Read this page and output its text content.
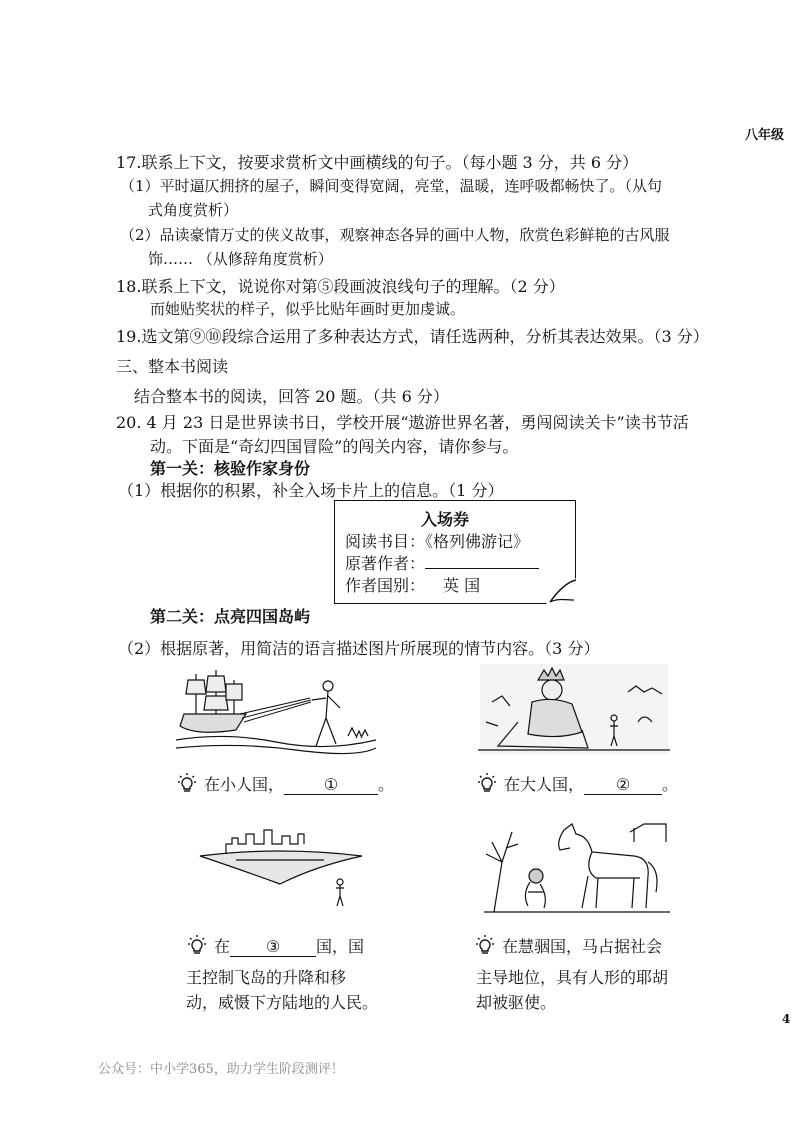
八年级
17.联系上下文，按要求赏析文中画横线的句子。（每小题 3 分，共 6 分）
（1）平时逼仄拥挤的屋子，瞬间变得宽阔，亮堂，温暖，连呼吸都畅快了。（从句
式角度赏析）
（2）品读豪情万丈的侠义故事，观察神态各异的画中人物，欣赏色彩鲜艳的古风服
饰…… （从修辞角度赏析）
18.联系上下文，说说你对第⑤段画波浪线句子的理解。（2 分）
而她贴奖状的样子，似乎比贴年画时更加虔诚。
19.选文第⑨⑩段综合运用了多种表达方式，请任选两种，分析其表达效果。（3 分）
三、整本书阅读
结合整本书的阅读，回答 20 题。（共 6 分）
20. 4 月 23 日是世界读书日，学校开展“遨游世界名著，勇闯阅读关卡”读书节活
动。下面是“奇幻四国冒险”的闯关内容，请你参与。
第一关：核验作家身份
（1）根据你的积累，补全入场卡片上的信息。（1 分）
入场券
阅读书目：《格列佛游记》
原著作者：
作者国别： 英 国
第二关：点亮四国岛屿
（2）根据原著，用简洁的语言描述图片所展现的情节内容。（3 分）
在小人国， ① 。	在大人国， ② 。
在 ③ 国，国
王控制飞岛的升降和移
动，威慑下方陆地的人民。
在慧骃国，马占据社会
主导地位，具有人形的耶胡
却被驱使。
4
公众号：中小学365，助力学生阶段测评！
